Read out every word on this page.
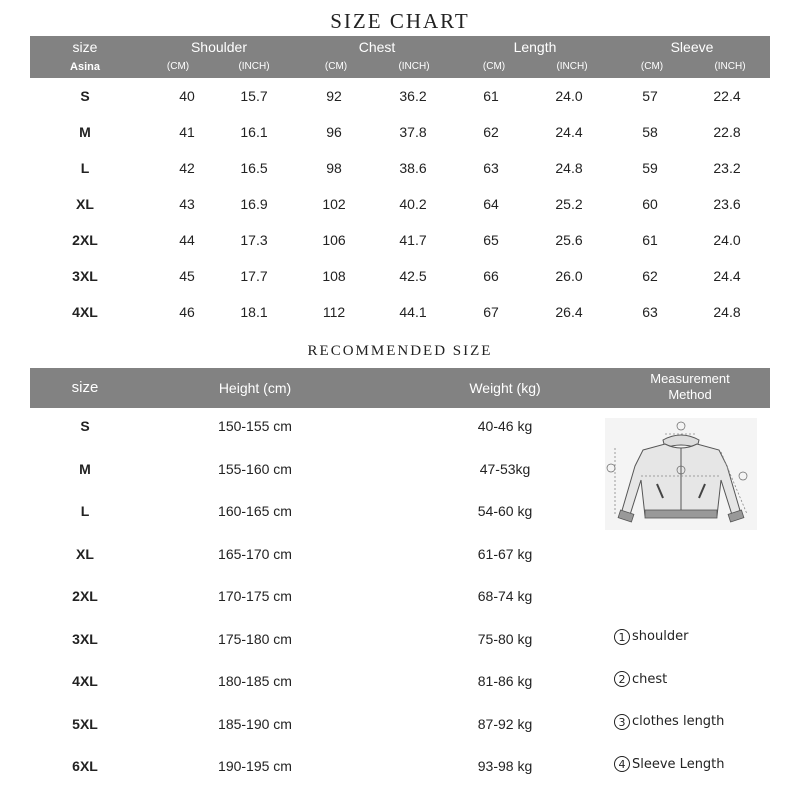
SIZE CHART
size
Asina
Shoulder	Chest	Length	Sleeve
(CM)	(INCH)	(CM)	(INCH)	(CM)	(INCH)	(CM)	(INCH)
S	40	15.7	92	36.2	61	24.0	57	22.4
M	41	16.1	96	37.8	62	24.4	58	22.8
L	42	16.5	98	38.6	63	24.8	59	23.2
XL	43	16.9	102	40.2	64	25.2	60	23.6
2XL	44	17.3	106	41.7	65	25.6	61	24.0
3XL	45	17.7	108	42.5	66	26.0	62	24.4
4XL	46	18.1	112	44.1	67	26.4	63	24.8
RECOMMENDED SIZE
size	Height (cm)	Weight (kg)
Measurement
Method
S	150-155 cm	40-46 kg
M	155-160 cm	47-53kg
L	160-165 cm	54-60 kg
XL	165-170 cm	61-67 kg
2XL	170-175 cm	68-74 kg
3XL	175-180 cm	75-80 kg
4XL	180-185 cm	81-86 kg
5XL	185-190 cm	87-92 kg
6XL	190-195 cm	93-98 kg
1 shoulder
2 chest
3 clothes length
4 Sleeve Length
